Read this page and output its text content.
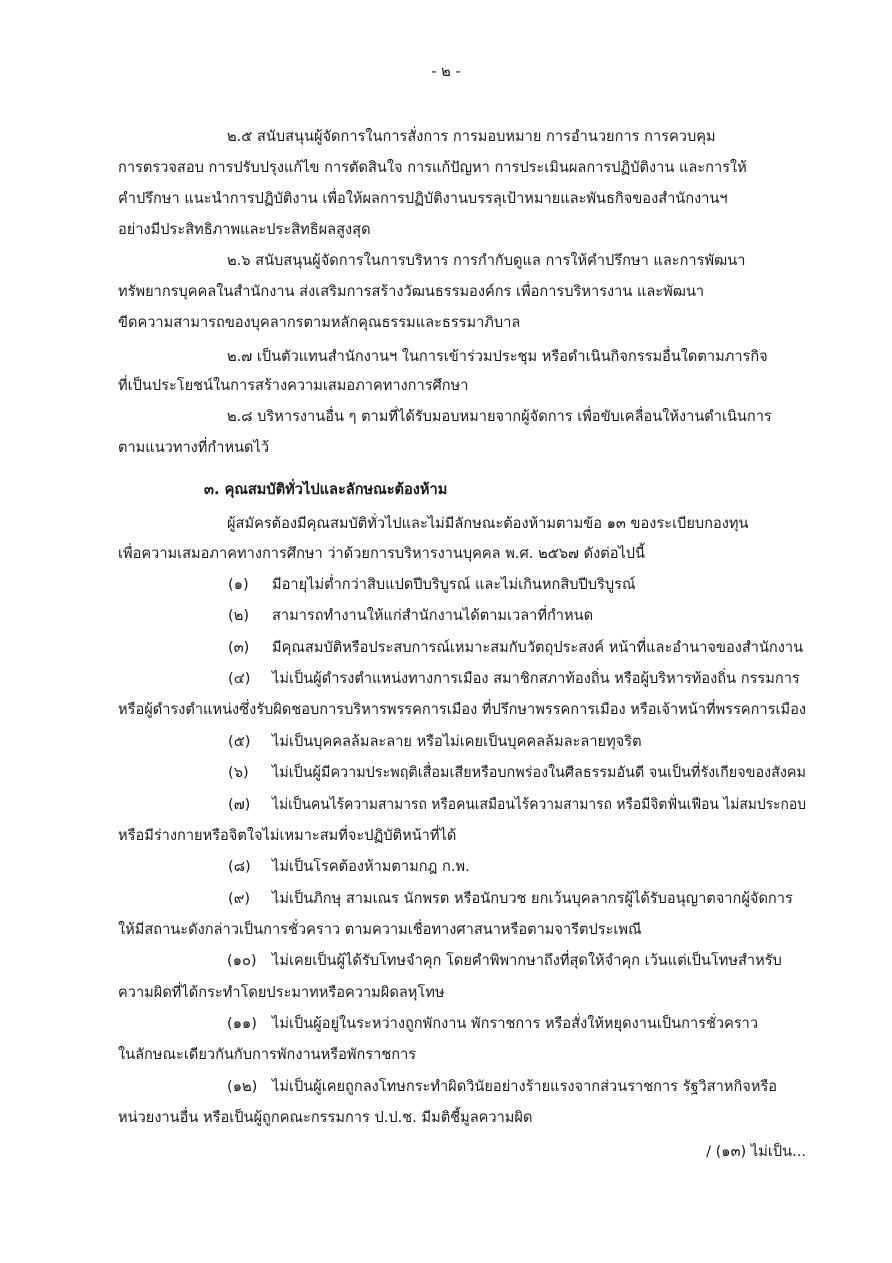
- ๒ -
๒.๕ สนับสนุนผู้จัดการในการสั่งการ การมอบหมาย การอำนวยการ การควบคุม
การตรวจสอบ การปรับปรุงแก้ไข การตัดสินใจ การแก้ปัญหา การประเมินผลการปฏิบัติงาน และการให้
คำปรึกษา แนะนำการปฏิบัติงาน เพื่อให้ผลการปฏิบัติงานบรรลุเป้าหมายและพันธกิจของสำนักงานฯ
อย่างมีประสิทธิภาพและประสิทธิผลสูงสุด
๒.๖ สนับสนุนผู้จัดการในการบริหาร การกำกับดูแล การให้คำปรึกษา และการพัฒนา
ทรัพยากรบุคคลในสำนักงาน ส่งเสริมการสร้างวัฒนธรรมองค์กร เพื่อการบริหารงาน และพัฒนา
ขีดความสามารถของบุคลากรตามหลักคุณธรรมและธรรมาภิบาล
๒.๗ เป็นตัวแทนสำนักงานฯ ในการเข้าร่วมประชุม หรือดำเนินกิจกรรมอื่นใดตามภารกิจ
ที่เป็นประโยชน์ในการสร้างความเสมอภาคทางการศึกษา
๒.๘ บริหารงานอื่น ๆ ตามที่ได้รับมอบหมายจากผู้จัดการ เพื่อขับเคลื่อนให้งานดำเนินการ
ตามแนวทางที่กำหนดไว้
๓. คุณสมบัติทั่วไปและลักษณะต้องห้าม
ผู้สมัครต้องมีคุณสมบัติทั่วไปและไม่มีลักษณะต้องห้ามตามข้อ ๑๓ ของระเบียบกองทุน
เพื่อความเสมอภาคทางการศึกษา ว่าด้วยการบริหารงานบุคคล พ.ศ. ๒๕๖๗ ดังต่อไปนี้
(๑) มีอายุไม่ต่ำกว่าสิบแปดปีบริบูรณ์ และไม่เกินหกสิบปีบริบูรณ์
(๒) สามารถทำงานให้แก่สำนักงานได้ตามเวลาที่กำหนด
(๓) มีคุณสมบัติหรือประสบการณ์เหมาะสมกับวัตถุประสงค์ หน้าที่และอำนาจของสำนักงาน
(๔) ไม่เป็นผู้ดำรงตำแหน่งทางการเมือง สมาชิกสภาท้องถิ่น หรือผู้บริหารท้องถิ่น กรรมการ
หรือผู้ดำรงตำแหน่งซึ่งรับผิดชอบการบริหารพรรคการเมือง ที่ปรึกษาพรรคการเมือง หรือเจ้าหน้าที่พรรคการเมือง
(๕) ไม่เป็นบุคคลล้มละลาย หรือไม่เคยเป็นบุคคลล้มละลายทุจริต
(๖) ไม่เป็นผู้มีความประพฤติเสื่อมเสียหรือบกพร่องในศีลธรรมอันดี จนเป็นที่รังเกียจของสังคม
(๗) ไม่เป็นคนไร้ความสามารถ หรือคนเสมือนไร้ความสามารถ หรือมีจิตฟั่นเฟือน ไม่สมประกอบ
หรือมีร่างกายหรือจิตใจไม่เหมาะสมที่จะปฏิบัติหน้าที่ได้
(๘) ไม่เป็นโรคต้องห้ามตามกฎ ก.พ.
(๙) ไม่เป็นภิกษุ สามเณร นักพรต หรือนักบวช ยกเว้นบุคลากรผู้ได้รับอนุญาตจากผู้จัดการ
ให้มีสถานะดังกล่าวเป็นการชั่วคราว ตามความเชื่อทางศาสนาหรือตามจารีตประเพณี
(๑๐) ไม่เคยเป็นผู้ได้รับโทษจำคุก โดยคำพิพากษาถึงที่สุดให้จำคุก เว้นแต่เป็นโทษสำหรับ
ความผิดที่ได้กระทำโดยประมาทหรือความผิดลหุโทษ
(๑๑) ไม่เป็นผู้อยู่ในระหว่างถูกพักงาน พักราชการ หรือสั่งให้หยุดงานเป็นการชั่วคราว
ในลักษณะเดียวกันกับการพักงานหรือพักราชการ
(๑๒) ไม่เป็นผู้เคยถูกลงโทษกระทำผิดวินัยอย่างร้ายแรงจากส่วนราชการ รัฐวิสาหกิจหรือ
หน่วยงานอื่น หรือเป็นผู้ถูกคณะกรรมการ ป.ป.ช. มีมติชี้มูลความผิด
/ (๑๓) ไม่เป็น...
